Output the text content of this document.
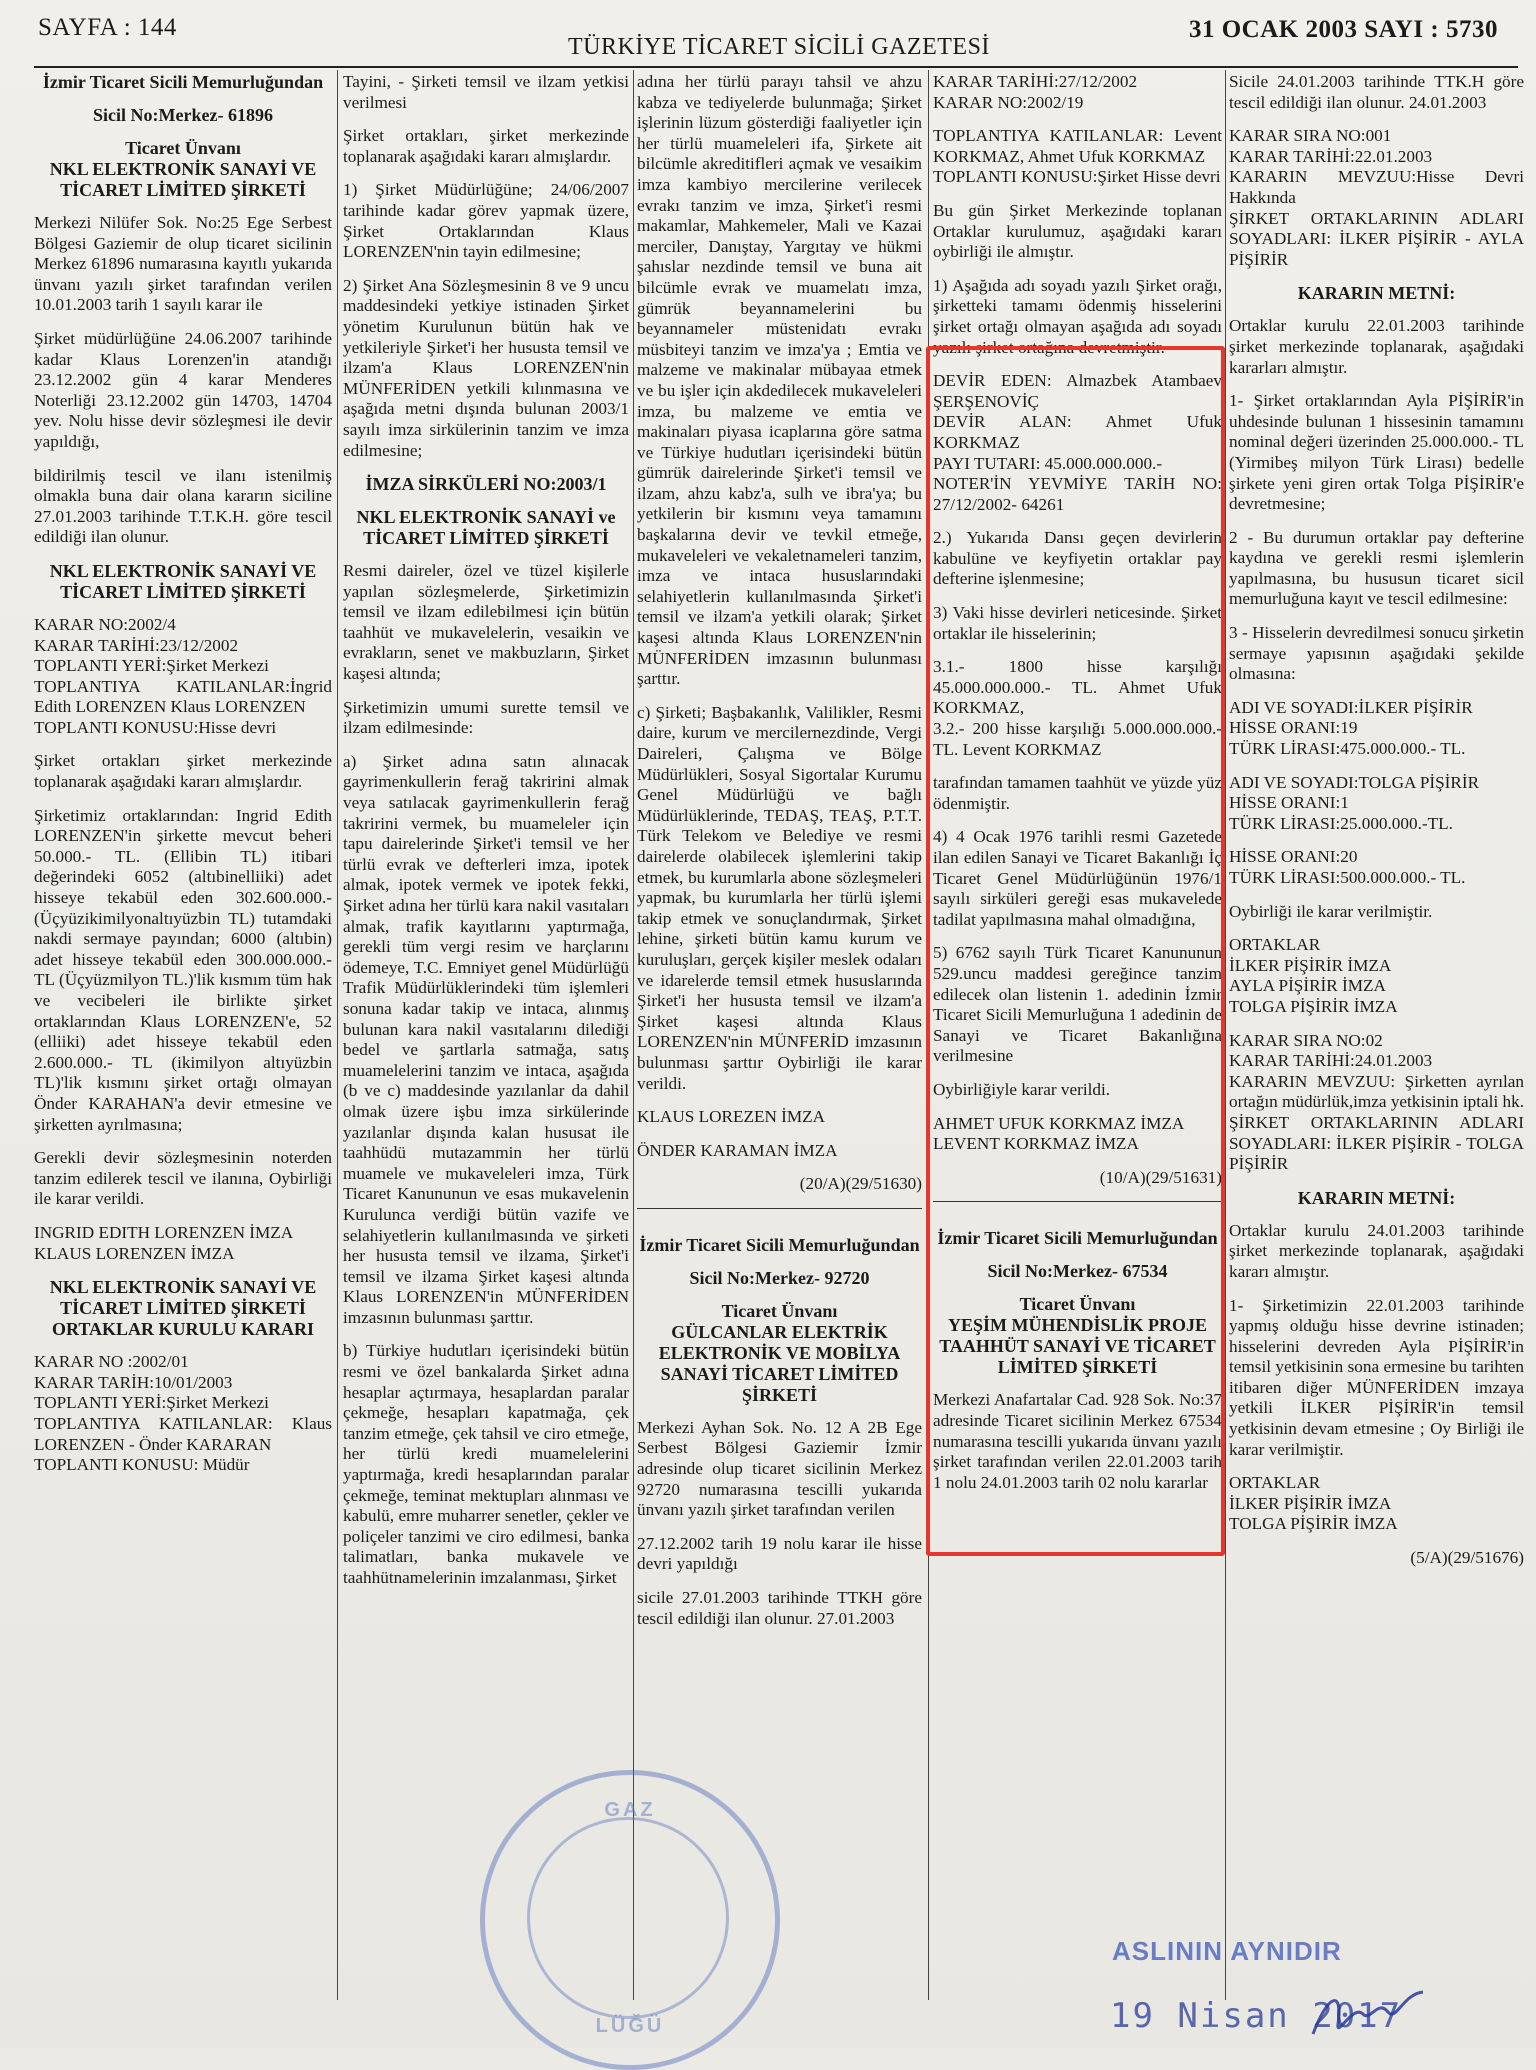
SAYFA : 144
TÜRKİYE TİCARET SİCİLİ GAZETESİ
31 OCAK 2003 SAYI : 5730

İzmir Ticaret Sicili Memurluğundan

Sicil No:Merkez- 61896

Ticaret Ünvanı
NKL ELEKTRONİK SANAYİ VE TİCARET LİMİTED ŞİRKETİ

Merkezi Nilüfer Sok. No:25 Ege Serbest Bölgesi Gaziemir de olup ticaret sicilinin Merkez 61896 numarasına kayıtlı yukarıda ünvanı yazılı şirket tarafından verilen 10.01.2003 tarih 1 sayılı karar ile

Şirket müdürlüğüne 24.06.2007 tarihinde kadar Klaus Lorenzen'in atandığı 23.12.2002 gün 4 karar Menderes Noterliği 23.12.2002 gün 14703, 14704 yev. Nolu hisse devir sözleşmesi ile devir yapıldığı,

bildirilmiş tescil ve ilanı istenilmiş olmakla buna dair olana kararın siciline 27.01.2003 tarihinde T.T.K.H. göre tescil edildiği ilan olunur.

NKL ELEKTRONİK SANAYİ VE TİCARET LİMİTED ŞİRKETİ

KARAR NO:2002/4
KARAR TARİHİ:23/12/2002
TOPLANTI YERİ:Şirket Merkezi
TOPLANTIYA KATILANLAR:İngrid Edith LORENZEN Klaus LORENZEN
TOPLANTI KONUSU:Hisse devri

Şirket ortakları şirket merkezinde toplanarak aşağıdaki kararı almışlardır.

Şirketimiz ortaklarından: Ingrid Edith LORENZEN'in şirkette mevcut beheri 50.000.- TL. (Ellibin TL) itibari değerindeki 6052 (altıbinelliiki) adet hisseye tekabül eden 302.600.000.-(Üçyüzikimilyonaltıyüzbin TL) tutamdaki nakdi sermaye payından; 6000 (altıbin) adet hisseye tekabül eden 300.000.000.- TL (Üçyüzmilyon TL.)'lik kısmım tüm hak ve vecibeleri ile birlikte şirket ortaklarından Klaus LORENZEN'e, 52 (elliiki) adet hisseye tekabül eden 2.600.000.- TL (ikimilyon altıyüzbin TL)'lik kısmını şirket ortağı olmayan Önder KARAHAN'a devir etmesine ve şirketten ayrılmasına;

Gerekli devir sözleşmesinin noterden tanzim edilerek tescil ve ilanına, Oybirliği ile karar verildi.

INGRID EDITH LORENZEN İMZA
KLAUS LORENZEN İMZA

NKL ELEKTRONİK SANAYİ VE TİCARET LİMİTED ŞİRKETİ ORTAKLAR KURULU KARARI

KARAR NO :2002/01
KARAR TARİH:10/01/2003
TOPLANTI YERİ:Şirket Merkezi
TOPLANTIYA KATILANLAR: Klaus LORENZEN - Önder KARARAN
TOPLANTI KONUSU: Müdür

Tayini, - Şirketi temsil ve ilzam yetkisi verilmesi

Şirket ortakları, şirket merkezinde toplanarak aşağıdaki kararı almışlardır.

1) Şirket Müdürlüğüne; 24/06/2007 tarihinde kadar görev yapmak üzere, Şirket Ortaklarından Klaus LORENZEN'nin tayin edilmesine;

2) Şirket Ana Sözleşmesinin 8 ve 9 uncu maddesindeki yetkiye istinaden Şirket yönetim Kurulunun bütün hak ve yetkileriyle Şirket'i her hususta temsil ve ilzam'a Klaus LORENZEN'nin MÜNFERİDEN yetkili kılınmasına ve aşağıda metni dışında bulunan 2003/1 sayılı imza sirkülerinin tanzim ve imza edilmesine;

İMZA SİRKÜLERİ NO:2003/1

NKL ELEKTRONİK SANAYİ ve TİCARET LİMİTED ŞİRKETİ

Resmi daireler, özel ve tüzel kişilerle yapılan sözleşmelerde, Şirketimizin temsil ve ilzam edilebilmesi için bütün taahhüt ve mukavelelerin, vesaikin ve evrakların, senet ve makbuzların, Şirket kaşesi altında;

Şirketimizin umumi surette temsil ve ilzam edilmesinde:

a) Şirket adına satın alınacak gayrimenkullerin ferağ takririni almak veya satılacak gayrimenkullerin ferağ takririni vermek, bu muameleler için tapu dairelerinde Şirket'i temsil ve her türlü evrak ve defterleri imza, ipotek almak, ipotek vermek ve ipotek fekki, Şirket adına her türlü kara nakil vasıtaları almak, trafik kayıtlarını yaptırmağa, gerekli tüm vergi resim ve harçlarını ödemeye, T.C. Emniyet genel Müdürlüğü Trafik Müdürlüklerindeki tüm işlemleri sonuna kadar takip ve intaca, alınmış bulunan kara nakil vasıtalarını dilediği bedel ve şartlarla satmağa, satış muamelelerini tanzim ve intaca, aşağıda (b ve c) maddesinde yazılanlar da dahil olmak üzere işbu imza sirkülerinde yazılanlar dışında kalan hususat ile taahhüdü mutazammin her türlü muamele ve mukaveleleri imza, Türk Ticaret Kanununun ve esas mukavelenin Kurulunca verdiği bütün vazife ve selahiyetlerin kullanılmasında ve şirketi her hususta temsil ve ilzama, Şirket'i temsil ve ilzama Şirket kaşesi altında Klaus LORENZEN'in MÜNFERİDEN imzasının bulunması şarttır.

b) Türkiye hudutları içerisindeki bütün resmi ve özel bankalarda Şirket adına hesaplar açtırmaya, hesaplardan paralar çekmeğe, hesapları kapatmağa, çek tanzim etmeğe, çek tahsil ve ciro etmeğe, her türlü kredi muamelelerini yaptırmağa, kredi hesaplarından paralar çekmeğe, teminat mektupları alınması ve kabulü, emre muharrer senetler, çekler ve poliçeler tanzimi ve ciro edilmesi, banka talimatları, banka mukavele ve taahhütnamelerinin imzalanması, Şirket

adına her türlü parayı tahsil ve ahzu kabza ve tediyelerde bulunmağa; Şirket işlerinin lüzum gösterdiği faaliyetler için her türlü muameleleri ifa, Şirkete ait bilcümle akreditifleri açmak ve vesaikim imza kambiyo mercilerine verilecek evrakı tanzim ve imza, Şirket'i resmi makamlar, Mahkemeler, Mali ve Kazai merciler, Danıştay, Yargıtay ve hükmi şahıslar nezdinde temsil ve buna ait bilcümle evrak ve muamelatı imza, gümrük beyannamelerini bu beyannameler müstenidatı evrakı müsbiteyi tanzim ve imza'ya ; Emtia ve malzeme ve makinalar mübayaa etmek ve bu işler için akdedilecek mukaveleleri imza, bu malzeme ve emtia ve makinaları piyasa icaplarına göre satma ve Türkiye hudutları içerisindeki bütün gümrük dairelerinde Şirket'i temsil ve ilzam, ahzu kabz'a, sulh ve ibra'ya; bu yetkilerin bir kısmını veya tamamını başkalarına devir ve tevkil etmeğe, mukaveleleri ve vekaletnameleri tanzim, imza ve intaca hususlarındaki selahiyetlerin kullanılmasında Şirket'i temsil ve ilzam'a yetkili olarak; Şirket kaşesi altında Klaus LORENZEN'nin MÜNFERİDEN imzasının bulunması şarttır.

c) Şirketi; Başbakanlık, Valilikler, Resmi daire, kurum ve mercilernezdinde, Vergi Daireleri, Çalışma ve Bölge Müdürlükleri, Sosyal Sigortalar Kurumu Genel Müdürlüğü ve bağlı Müdürlüklerinde, TEDAŞ, TEAŞ, P.T.T. Türk Telekom ve Belediye ve resmi dairelerde olabilecek işlemlerini takip etmek, bu kurumlarla abone sözleşmeleri yapmak, bu kurumlarla her türlü işlemi takip etmek ve sonuçlandırmak, Şirket lehine, şirketi bütün kamu kurum ve kuruluşları, gerçek kişiler meslek odaları ve idarelerde temsil etmek hususlarında Şirket'i her hususta temsil ve ilzam'a Şirket kaşesi altında Klaus LORENZEN'nin MÜNFERİD imzasının bulunması şarttır Oybirliği ile karar verildi.

KLAUS LOREZEN İMZA

ÖNDER KARAMAN İMZA

(20/A)(29/51630)

İzmir Ticaret Sicili Memurluğundan

Sicil No:Merkez- 92720

Ticaret Ünvanı
GÜLCANLAR ELEKTRİK ELEKTRONİK VE MOBİLYA SANAYİ TİCARET LİMİTED ŞİRKETİ

Merkezi Ayhan Sok. No. 12 A 2B Ege Serbest Bölgesi Gaziemir İzmir adresinde olup ticaret sicilinin Merkez 92720 numarasına tescilli yukarıda ünvanı yazılı şirket tarafından verilen

27.12.2002 tarih 19 nolu karar ile hisse devri yapıldığı

sicile 27.01.2003 tarihinde TTKH göre tescil edildiği ilan olunur. 27.01.2003

KARAR TARİHİ:27/12/2002
KARAR NO:2002/19

TOPLANTIYA KATILANLAR: Levent KORKMAZ, Ahmet Ufuk KORKMAZ
TOPLANTI KONUSU:Şirket Hisse devri

Bu gün Şirket Merkezinde toplanan Ortaklar kurulumuz, aşağıdaki kararı oybirliği ile almıştır.

1) Aşağıda adı soyadı yazılı Şirket orağı, şirketteki tamamı ödenmiş hisselerini şirket ortağı olmayan aşağıda adı soyadı yazılı şirket ortağına devretmiştir.

DEVİR EDEN: Almazbek Atambaev ŞERŞENOVİÇ
DEVİR ALAN: Ahmet Ufuk KORKMAZ
PAYI TUTARI: 45.000.000.000.-
NOTER'İN YEVMİYE TARİH NO: 27/12/2002- 64261

2.) Yukarıda Dansı geçen devirlerin kabulüne ve keyfiyetin ortaklar pay defterine işlenmesine;

3) Vaki hisse devirleri neticesinde. Şirket ortaklar ile hisselerinin;

3.1.- 1800 hisse karşılığı 45.000.000.000.- TL. Ahmet Ufuk KORKMAZ,
3.2.- 200 hisse karşılığı 5.000.000.000.- TL. Levent KORKMAZ

tarafından tamamen taahhüt ve yüzde yüz ödenmiştir.

4) 4 Ocak 1976 tarihli resmi Gazetede ilan edilen Sanayi ve Ticaret Bakanlığı İç Ticaret Genel Müdürlüğünün 1976/1 sayılı sirküleri gereği esas mukavelede tadilat yapılmasına mahal olmadığına,

5) 6762 sayılı Türk Ticaret Kanununun 529.uncu maddesi gereğince tanzim edilecek olan listenin 1. adedinin İzmir Ticaret Sicili Memurluğuna 1 adedinin de Sanayi ve Ticaret Bakanlığına verilmesine

Oybirliğiyle karar verildi.

AHMET UFUK KORKMAZ İMZA
LEVENT KORKMAZ İMZA

(10/A)(29/51631)

İzmir Ticaret Sicili Memurluğundan

Sicil No:Merkez- 67534

Ticaret Ünvanı
YEŞİM MÜHENDİSLİK PROJE TAAHHÜT SANAYİ VE TİCARET LİMİTED ŞİRKETİ

Merkezi Anafartalar Cad. 928 Sok. No:37 adresinde Ticaret sicilinin Merkez 67534 numarasına tescilli yukarıda ünvanı yazılı şirket tarafından verilen 22.01.2003 tarih 1 nolu 24.01.2003 tarih 02 nolu kararlar

Sicile 24.01.2003 tarihinde TTK.H göre tescil edildiği ilan olunur. 24.01.2003

KARAR SIRA NO:001
KARAR TARİHİ:22.01.2003
KARARIN MEVZUU:Hisse Devri Hakkında
ŞİRKET ORTAKLARININ ADLARI SOYADLARI: İLKER PİŞİRİR - AYLA PİŞİRİR

KARARIN METNİ:

Ortaklar kurulu 22.01.2003 tarihinde şirket merkezinde toplanarak, aşağıdaki kararları almıştır.

1- Şirket ortaklarından Ayla PİŞİRİR'in uhdesinde bulunan 1 hissesinin tamamını nominal değeri üzerinden 25.000.000.- TL (Yirmibeş milyon Türk Lirası) bedelle şirkete yeni giren ortak Tolga PİŞİRİR'e devretmesine;

2 - Bu durumun ortaklar pay defterine kaydına ve gerekli resmi işlemlerin yapılmasına, bu hususun ticaret sicil memurluğuna kayıt ve tescil edilmesine:

3 - Hisselerin devredilmesi sonucu şirketin sermaye yapısının aşağıdaki şekilde olmasına:

ADI VE SOYADI:İLKER PİŞİRİR
HİSSE ORANI:19
TÜRK LİRASI:475.000.000.- TL.

ADI VE SOYADI:TOLGA PİŞİRİR
HİSSE ORANI:1
TÜRK LİRASI:25.000.000.-TL.

HİSSE ORANI:20
TÜRK LİRASI:500.000.000.- TL.

Oybirliği ile karar verilmiştir.

ORTAKLAR
İLKER PİŞİRİR İMZA
AYLA PİŞİRİR İMZA
TOLGA PİŞİRİR İMZA

KARAR SIRA NO:02
KARAR TARİHİ:24.01.2003
KARARIN MEVZUU: Şirketten ayrılan ortağın müdürlük,imza yetkisinin iptali hk.
ŞİRKET ORTAKLARININ ADLARI SOYADLARI: İLKER PİŞİRİR - TOLGA PİŞİRİR

KARARIN METNİ:

Ortaklar kurulu 24.01.2003 tarihinde şirket merkezinde toplanarak, aşağıdaki kararı almıştır.

1- Şirketimizin 22.01.2003 tarihinde yapmış olduğu hisse devrine istinaden; hisselerini devreden Ayla PİŞİRİR'in temsil yetkisinin sona ermesine bu tarihten itibaren diğer MÜNFERİDEN imzaya yetkili İLKER PİŞİRİR'in temsil yetkisinin devam etmesine ; Oy Birliği ile karar verilmiştir.

ORTAKLAR
İLKER PİŞİRİR İMZA
TOLGA PİŞİRİR İMZA

(5/A)(29/51676)

GAZ
LÜĞÜ
ASLININ AYNIDIR
19 Nisan 2017
